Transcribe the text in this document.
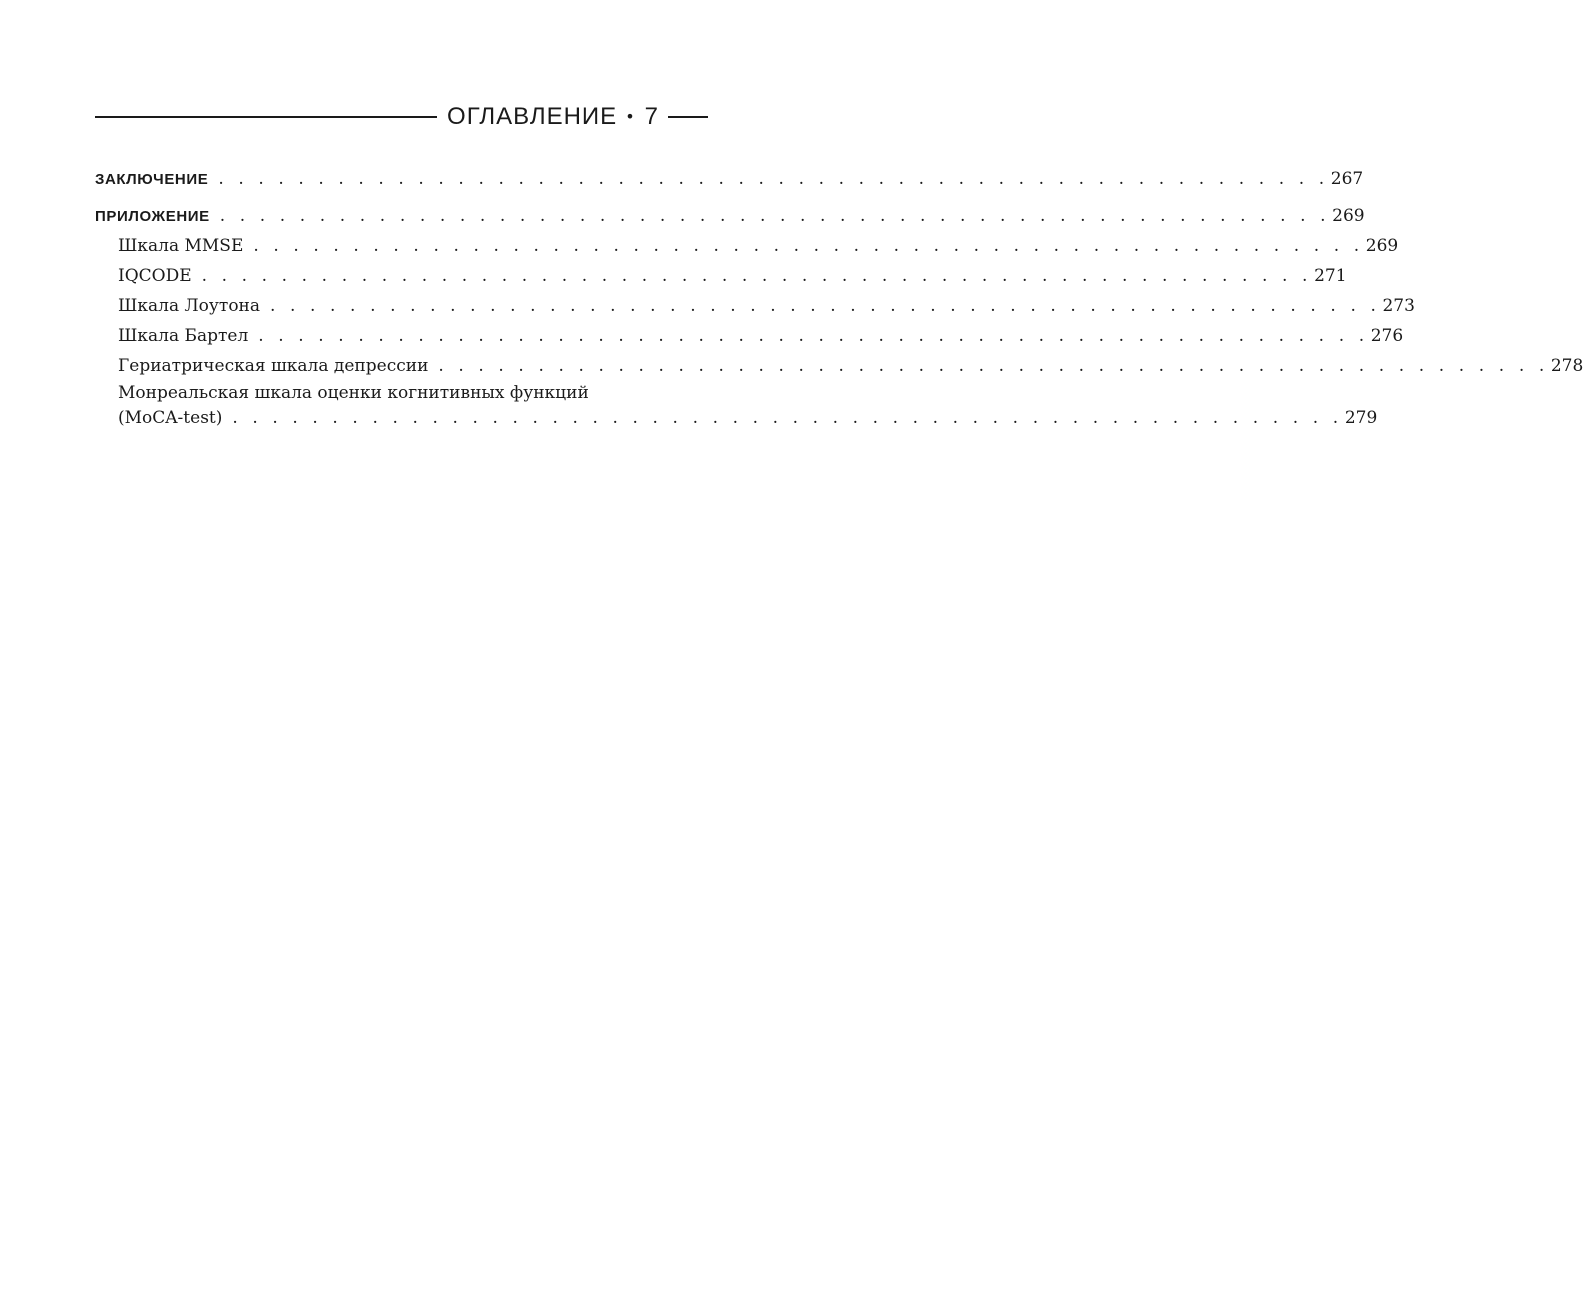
ОГЛАВЛЕНИЕ • 7
ЗАКЛЮЧЕНИЕ . . . . . . . . . . . . . . . . . . . . . . . . . . . . . . . . . . . . . . . . . . . . . . . . . . . . . . . . 267
ПРИЛОЖЕНИЕ . . . . . . . . . . . . . . . . . . . . . . . . . . . . . . . . . . . . . . . . . . . . . . . . . . . . . . . . 269
Шкала MMSE . . . . . . . . . . . . . . . . . . . . . . . . . . . . . . . . . . . . . . . . . . . . . . . . . . . . . . . . 269
IQCODE . . . . . . . . . . . . . . . . . . . . . . . . . . . . . . . . . . . . . . . . . . . . . . . . . . . . . . . . 271
Шкала Лоутона . . . . . . . . . . . . . . . . . . . . . . . . . . . . . . . . . . . . . . . . . . . . . . . . . . . . . . . . 273
Шкала Бартел . . . . . . . . . . . . . . . . . . . . . . . . . . . . . . . . . . . . . . . . . . . . . . . . . . . . . . . . 276
Гериатрическая шкала депрессии . . . . . . . . . . . . . . . . . . . . . . . . . . . . . . . . . . . . . . . . . . . . . . . . . . . . . . . . 278
Монреальская шкала оценки когнитивных функций
(MoCA-test) . . . . . . . . . . . . . . . . . . . . . . . . . . . . . . . . . . . . . . . . . . . . . . . . . . . . . . . . 279
